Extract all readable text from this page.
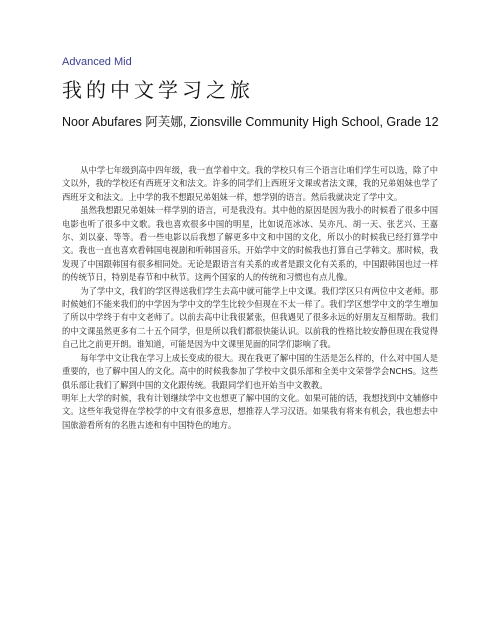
Advanced Mid
我的中文学习之旅
Noor Abufares 阿芙娜, Zionsville Community High School, Grade 12

从中学七年级到高中四年级，我一直学着中文。我的学校只有三个语言让咱们学生可以选，除了中文以外，我的学校还有西班牙文和法文。许多的同学们上西班牙文课或者法文课，我的兄弟姐妹也学了西班牙文和法文。上中学的我不想跟兄弟姐妹一样，想学别的语言。然后我就决定了学中文。

虽然我想跟兄弟姐妹一样学别的语言，可是我没有。其中他的原因是因为我小的时候看了很多中国电影也听了很多中文歌。我也喜欢很多中国的明星，比如说范冰冰、吴亦凡、胡一天、张艺兴、王嘉尔、刘以豪、等等。看一些电影以后我想了解更多中文和中国的文化，所以小的时候我已经打算学中文。我也一直也喜欢看韩国电视剧和听韩国音乐。开始学中文的时候我也打算自己学韩文。那时候，我发现了中国跟韩国有很多相同处。无论是跟语言有关系的或者是跟文化有关系的，中国跟韩国也过一样的传统节日，特别是春节和中秋节。这两个国家的人的传统和习惯也有点儿像。

为了学中文，我们的学区得送我们学生去高中就可能学上中文课。我们学区只有两位中文老师。那时候她们不能来我们的中学因为学中文的学生比较少但现在不太一样了。我们学区想学中文的学生增加了所以中学终于有中文老师了。以前去高中让我很紧张，但我遇见了很多永远的好朋友互相帮助。我们的中文课虽然更多有二十五个同学，但是所以我们都很快能认识。以前我的性格比较安静但现在我觉得自己比之前更开朗。谁知道，可能是因为中文课里见面的同学们影响了我。

每年学中文让我在学习上成长变成的很大。现在我更了解中国的生活是怎么样的，什么对中国人是重要的，也了解中国人的文化。高中的时候我参加了学校中文俱乐部和全美中文荣誉学会NCHS。这些俱乐部让我们了解到中国的文化跟传统。我跟同学们也开始当中文教教。

明年上大学的时候，我有计划继续学中文也想更了解中国的文化。如果可能的话，我想找到中文辅修中文。这些年我觉得在学校学的中文有很多意思，想推荐人学习汉语。如果我有将来有机会，我也想去中国旅游看所有的名胜古迹和有中国特色的地方。
